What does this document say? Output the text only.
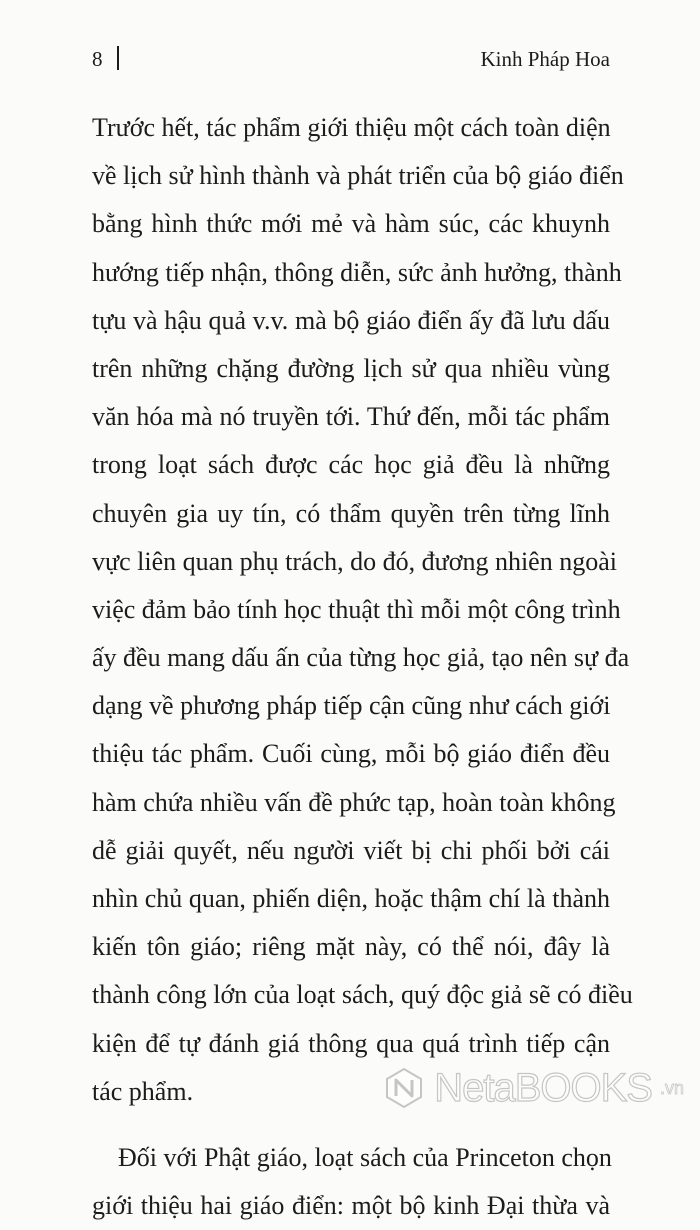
8	Kinh Pháp Hoa
Trước hết, tác phẩm giới thiệu một cách toàn diện
về lịch sử hình thành và phát triển của bộ giáo điển
bằng hình thức mới mẻ và hàm súc, các khuynh
hướng tiếp nhận, thông diễn, sức ảnh hưởng, thành
tựu và hậu quả v.v. mà bộ giáo điển ấy đã lưu dấu
trên những chặng đường lịch sử qua nhiều vùng
văn hóa mà nó truyền tới. Thứ đến, mỗi tác phẩm
trong loạt sách được các học giả đều là những
chuyên gia uy tín, có thẩm quyền trên từng lĩnh
vực liên quan phụ trách, do đó, đương nhiên ngoài
việc đảm bảo tính học thuật thì mỗi một công trình
ấy đều mang dấu ấn của từng học giả, tạo nên sự đa
dạng về phương pháp tiếp cận cũng như cách giới
thiệu tác phẩm. Cuối cùng, mỗi bộ giáo điển đều
hàm chứa nhiều vấn đề phức tạp, hoàn toàn không
dễ giải quyết, nếu người viết bị chi phối bởi cái
nhìn chủ quan, phiến diện, hoặc thậm chí là thành
kiến tôn giáo; riêng mặt này, có thể nói, đây là
thành công lớn của loạt sách, quý độc giả sẽ có điều
kiện để tự đánh giá thông qua quá trình tiếp cận
tác phẩm.
Đối với Phật giáo, loạt sách của Princeton chọn
giới thiệu hai giáo điển: một bộ kinh Đại thừa và
NetaBOOKS .vn
